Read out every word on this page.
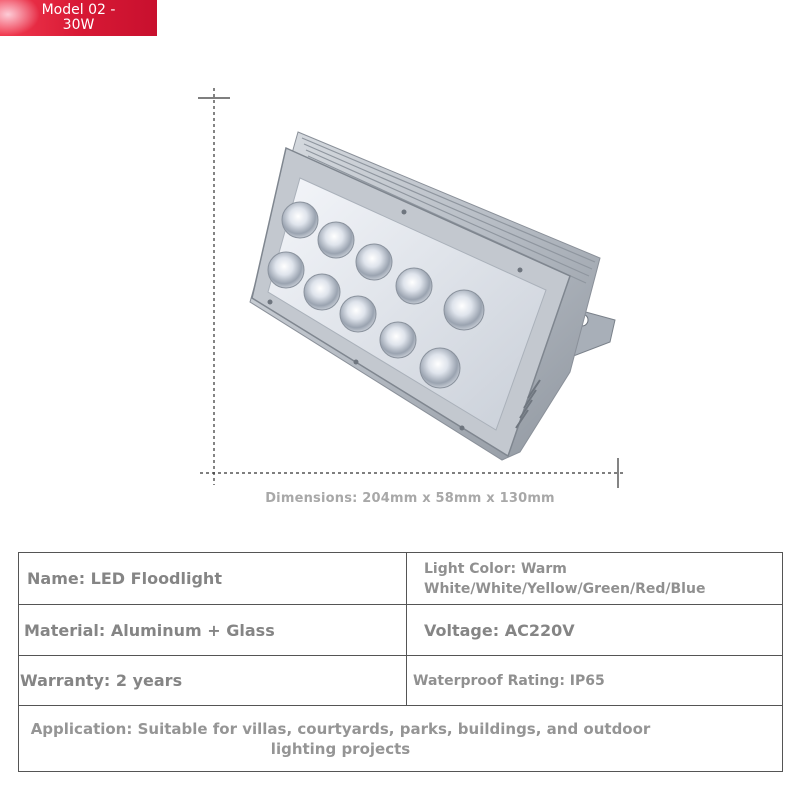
Model 02 -
30W
Dimensions: 204mm x 58mm x 130mm
Name: LED Floodlight
Light Color: Warm
White/White/Yellow/Green/Red/Blue
Material: Aluminum + Glass	Voltage: AC220V
Warranty: 2 years	Waterproof Rating: IP65
Application: Suitable for villas, courtyards, parks, buildings, and outdoor
lighting projects
